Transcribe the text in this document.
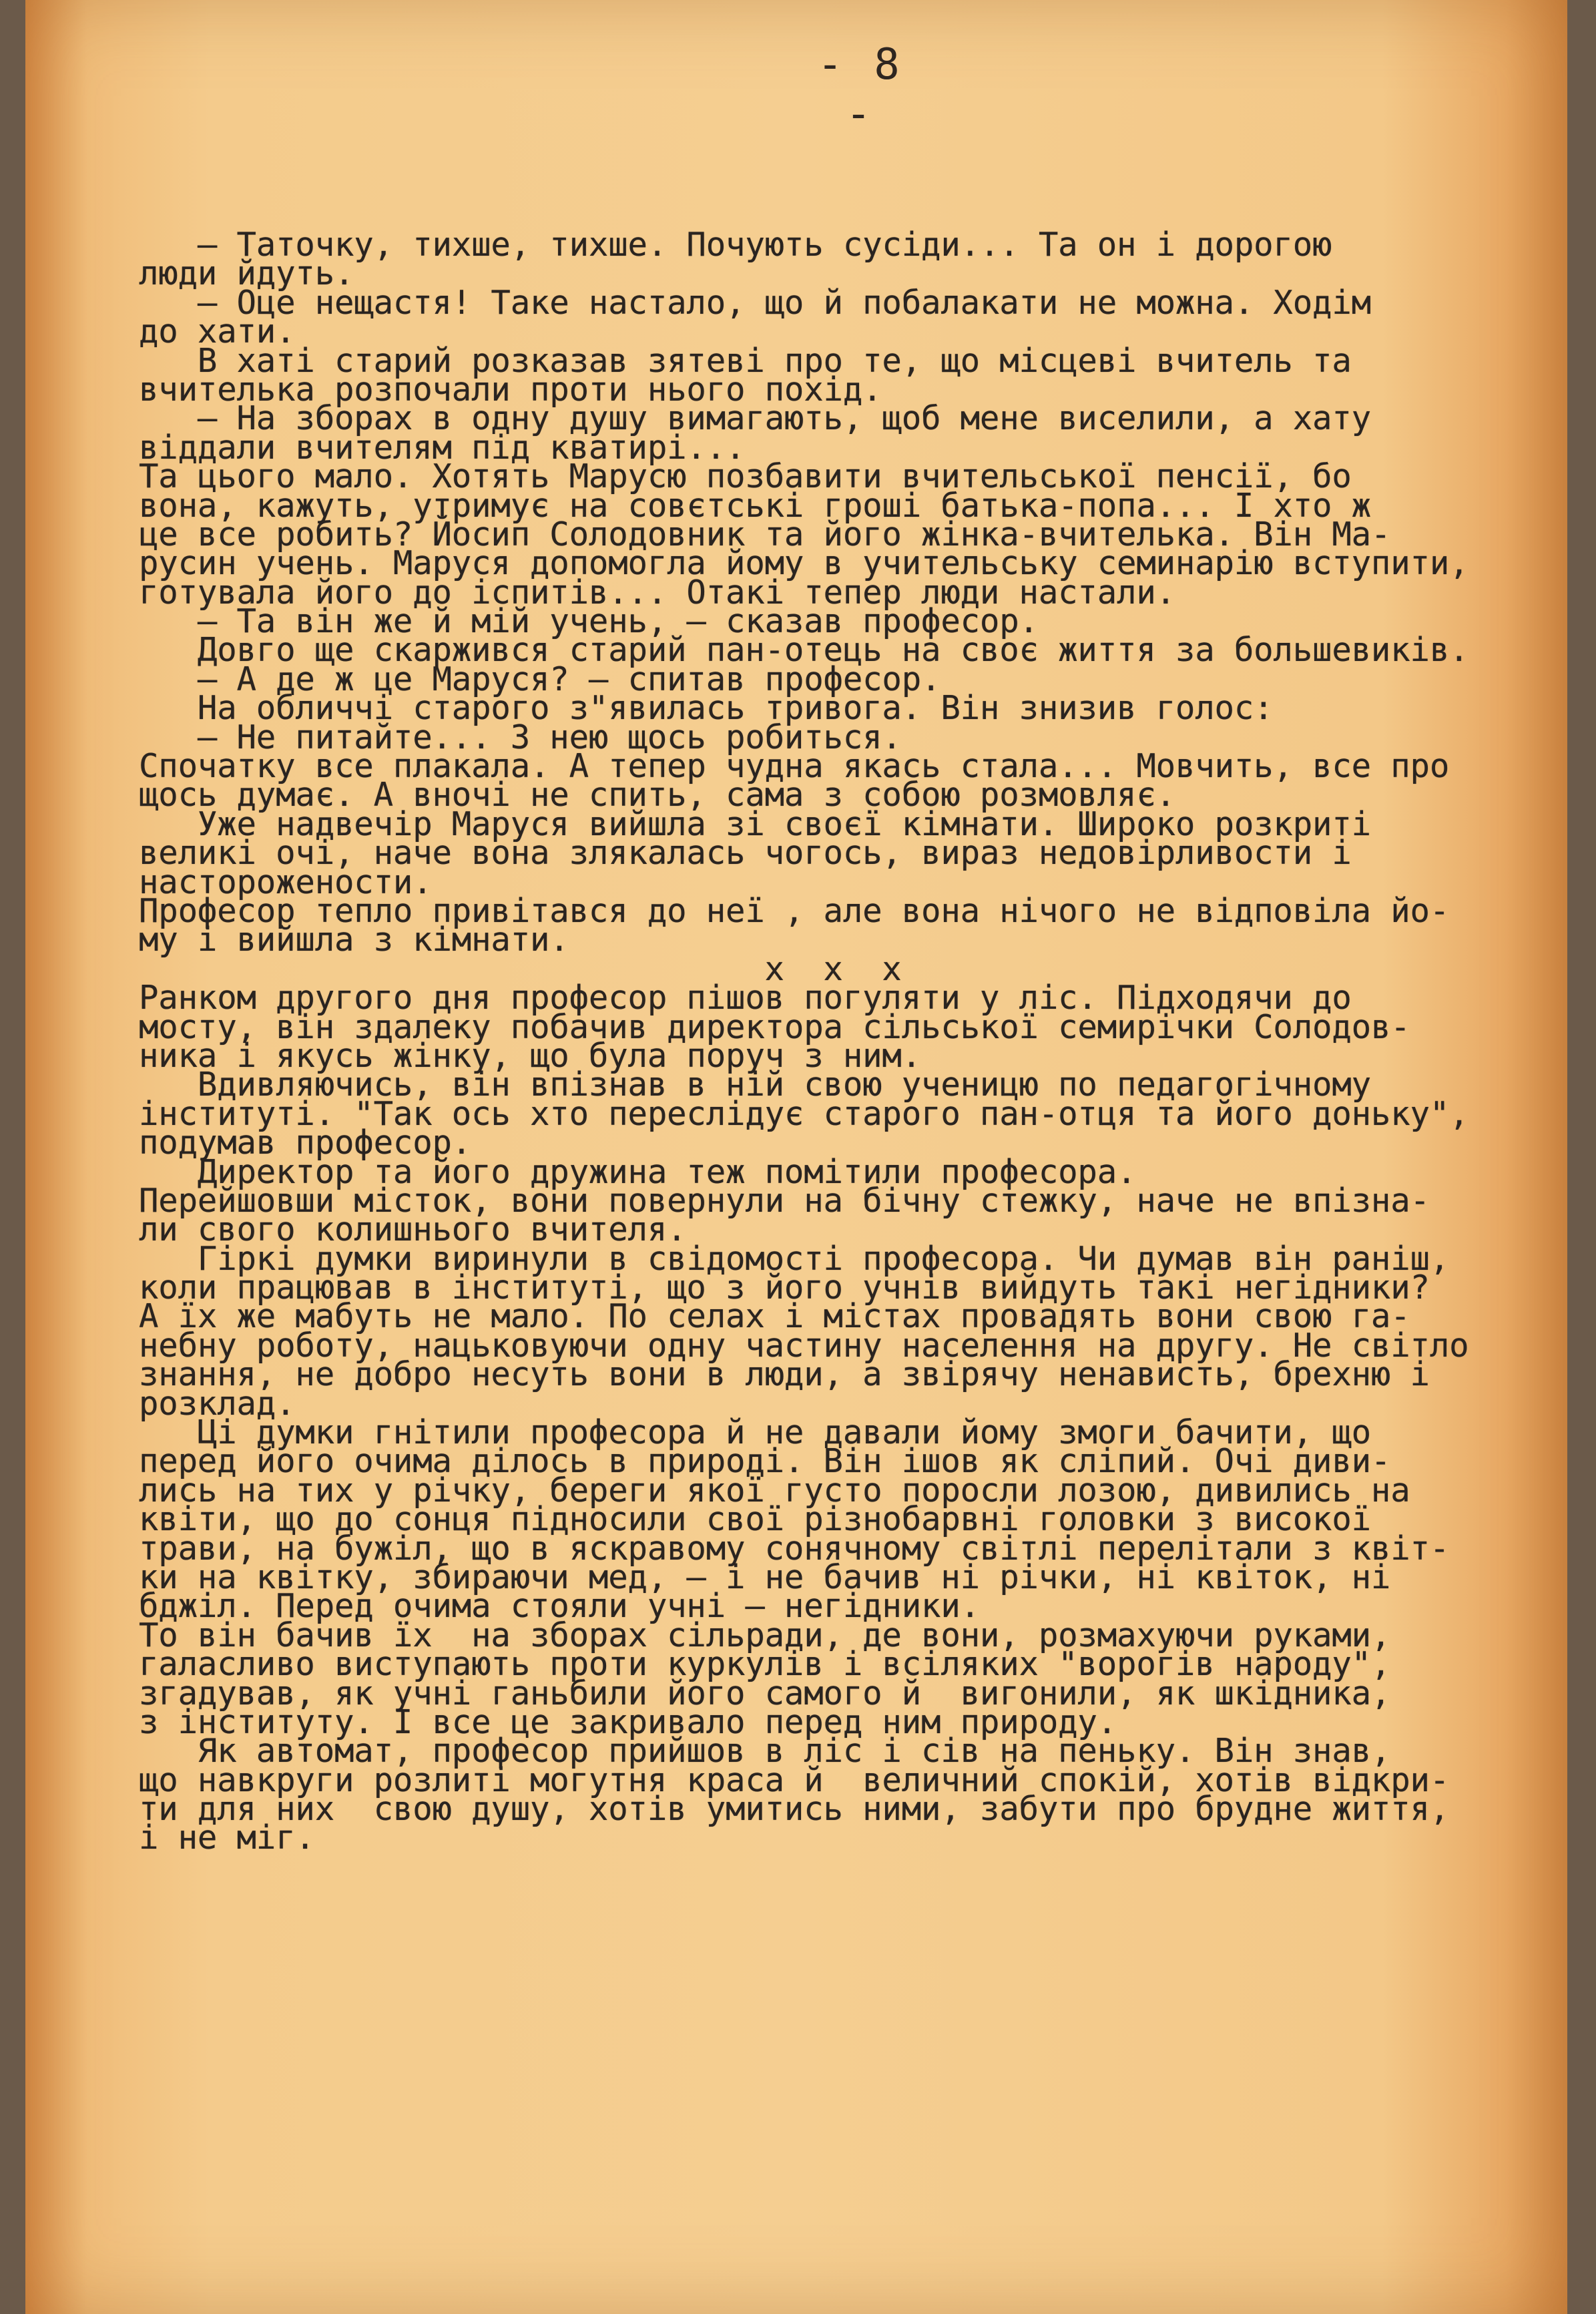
- 8 -
– Таточку, тихше, тихше. Почують сусіди... Та он і дорогою
люди йдуть.
– Оце нещастя! Таке настало, що й побалакати не можна. Ходім
до хати.
В хаті старий розказав зятеві про те, що місцеві вчитель та
вчителька розпочали проти нього похід.
– На зборах в одну душу вимагають, щоб мене виселили, а хату
віддали вчителям під кватирі...
Та цього мало. Хотять Марусю позбавити вчительської пенсії, бо
вона, кажуть, утримує на совєтські гроші батька-попа... І хто ж
це все робить? Йосип Солодовник та його жінка-вчителька. Він Ма-
русин учень. Маруся допомогла йому в учительську семинарію вступити,
готувала його до іспитів... Отакі тепер люди настали.
– Та він же й мій учень, – сказав професор.
Довго ще скаржився старий пан-отець на своє життя за большевиків.
– А де ж це Маруся? – спитав професор.
На обличчі старого з"явилась тривога. Він знизив голос:
– Не питайте... З нею щось робиться.
Спочатку все плакала. А тепер чудна якась стала... Мовчить, все про
щось думає. А вночі не спить, сама з собою розмовляє.
Уже надвечір Маруся вийшла зі своєї кімнати. Широко розкриті
великі очі, наче вона злякалась чогось, вираз недовірливости і
насторожености.
Професор тепло привітався до неї , але вона нічого не відповіла йо-
му і вийшла з кімнати.
x  x  x
Ранком другого дня професор пішов погуляти у ліс. Підходячи до
мосту, він здалеку побачив директора сільської семирічки Солодов-
ника і якусь жінку, що була поруч з ним.
Вдивляючись, він впізнав в ній свою ученицю по педагогічному
інституті. "Так ось хто переслідує старого пан-отця та його доньку",
подумав професор.
Директор та його дружина теж помітили професора.
Перейшовши місток, вони повернули на бічну стежку, наче не впізна-
ли свого колишнього вчителя.
Гіркі думки виринули в свідомості професора. Чи думав він раніш,
коли працював в інституті, що з його учнів вийдуть такі негідники?
А їх же мабуть не мало. По селах і містах провадять вони свою га-
небну роботу, нацьковуючи одну частину населення на другу. Не світло
знання, не добро несуть вони в люди, а звірячу ненависть, брехню і
розклад.
Ці думки гнітили професора й не давали йому змоги бачити, що
перед його очима ділось в природі. Він ішов як сліпий. Очі диви-
лись на тих у річку, береги якої густо поросли лозою, дивились на
квіти, що до сонця підносили свої різнобарвні головки з високої
трави, на бужіл, що в яскравому сонячному світлі перелітали з квіт-
ки на квітку, збираючи мед, – і не бачив ні річки, ні квіток, ні
бджіл. Перед очима стояли учні – негідники.
То він бачив їх  на зборах сільради, де вони, розмахуючи руками,
галасливо виступають проти куркулів і всіляких "ворогів народу",
згадував, як учні ганьбили його самого й  вигонили, як шкідника,
з інституту. І все це закривало перед ним природу.
Як автомат, професор прийшов в ліс і сів на пеньку. Він знав,
що навкруги розлиті могутня краса й  величний спокій, хотів відкри-
ти для них  свою душу, хотів умитись ними, забути про брудне життя,
і не міг.
